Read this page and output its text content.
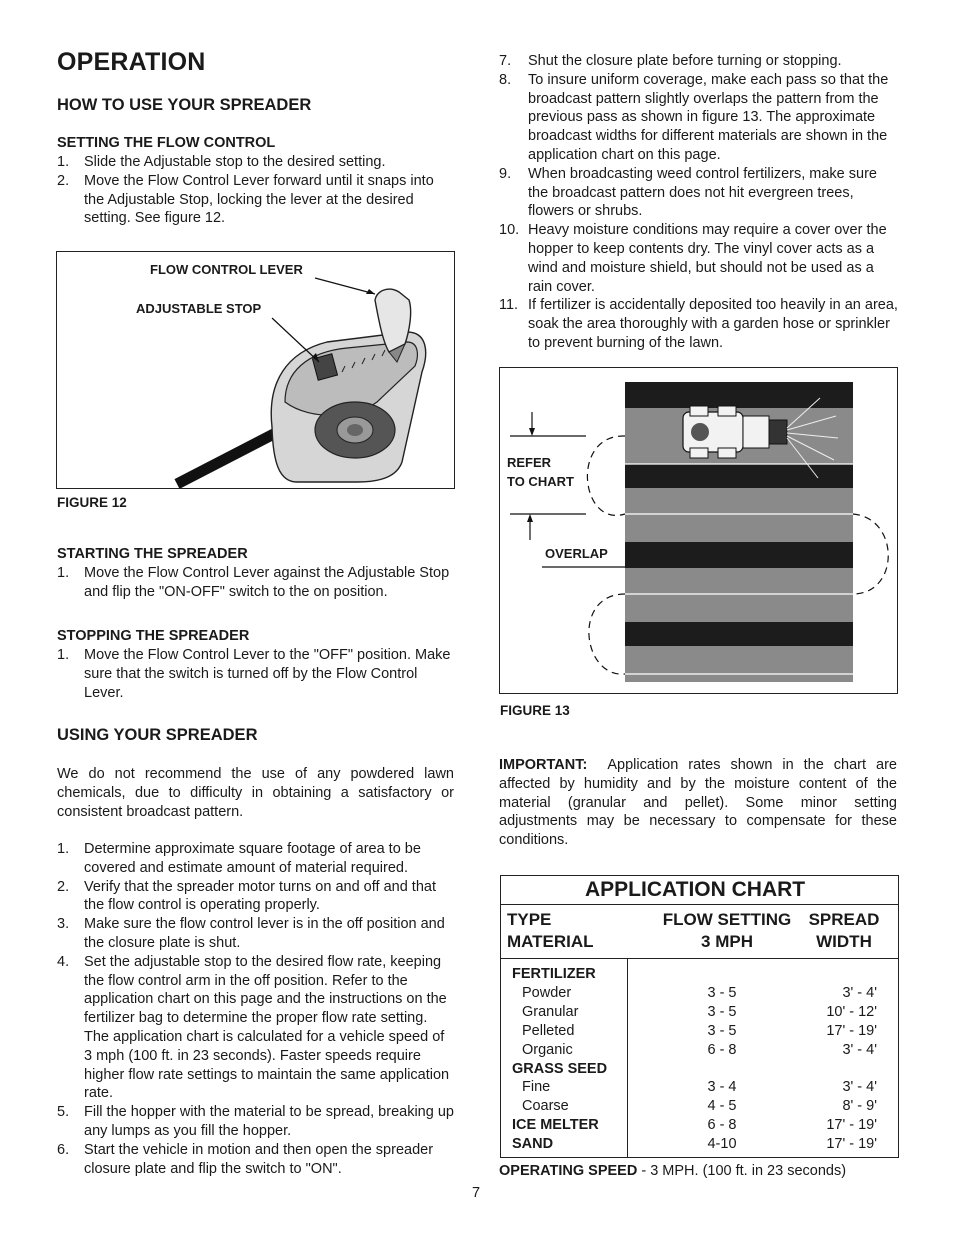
OPERATION
HOW TO USE YOUR SPREADER
SETTING THE FLOW CONTROL
1. Slide the Adjustable stop to the desired setting.
2. Move the Flow Control Lever forward until it snaps into the Adjustable Stop, locking the lever at the desired setting. See figure 12.
FLOW CONTROL LEVER
ADJUSTABLE STOP
FIGURE 12
STARTING THE SPREADER
1. Move the Flow Control Lever against the Adjustable Stop and flip the "ON-OFF" switch to the on position.
STOPPING THE SPREADER
1. Move the Flow Control Lever to the "OFF" position. Make sure that the switch is turned off by the Flow Control Lever.
USING YOUR SPREADER
We do not recommend the use of any powdered lawn chemicals, due to difficulty in obtaining a satisfactory or consistent broadcast pattern.
1. Determine approximate square footage of area to be covered and estimate amount of material required.
2. Verify that the spreader motor turns on and off and that the flow control is operating properly.
3. Make sure the flow control lever is in the off position and the closure plate is shut.
4. Set the adjustable stop to the desired flow rate, keeping the flow control arm in the off position. Refer to the application chart on this page and the instructions on the fertilizer bag to determine the proper flow rate setting. The application chart is calculated for a vehicle speed of 3 mph (100 ft. in 23 seconds). Faster speeds require higher flow rate settings to maintain the same application rate.
5. Fill the hopper with the material to be spread, breaking up any lumps as you fill the hopper.
6. Start the vehicle in motion and then open the spreader closure plate and flip the switch to "ON".
7. Shut the closure plate before turning or stopping.
8. To insure uniform coverage, make each pass so that the broadcast pattern slightly overlaps the pattern from the previous pass as shown in figure 13. The approximate broadcast widths for different materials are shown in the application chart on this page.
9. When broadcasting weed control fertilizers, make sure the broadcast pattern does not hit evergreen trees, flowers or shrubs.
10. Heavy moisture conditions may require a cover over the hopper to keep contents dry. The vinyl cover acts as a wind and moisture shield, but should not be used as a rain cover.
11. If fertilizer is accidentally deposited too heavily in an area, soak the area thoroughly with a garden hose or sprinkler to prevent burning of the lawn.
REFER
TO CHART
OVERLAP
FIGURE 13
IMPORTANT: Application rates shown in the chart are affected by humidity and by the moisture content of the material (granular and pellet). Some minor setting adjustments may be necessary to compensate for these conditions.
APPLICATION CHART
TYPE
MATERIAL
FLOW SETTING
3 MPH
SPREAD
WIDTH
FERTILIZER
Powder	3 - 5	3' - 4'
Granular	3 - 5	10' - 12'
Pelleted	3 - 5	17' - 19'
Organic	6 - 8	3' - 4'
GRASS SEED
Fine	3 - 4	3' - 4'
Coarse	4 - 5	8' - 9'
ICE MELTER	6 - 8	17' - 19'
SAND	4-10	17' - 19'
OPERATING SPEED - 3 MPH. (100 ft. in 23 seconds)
7
